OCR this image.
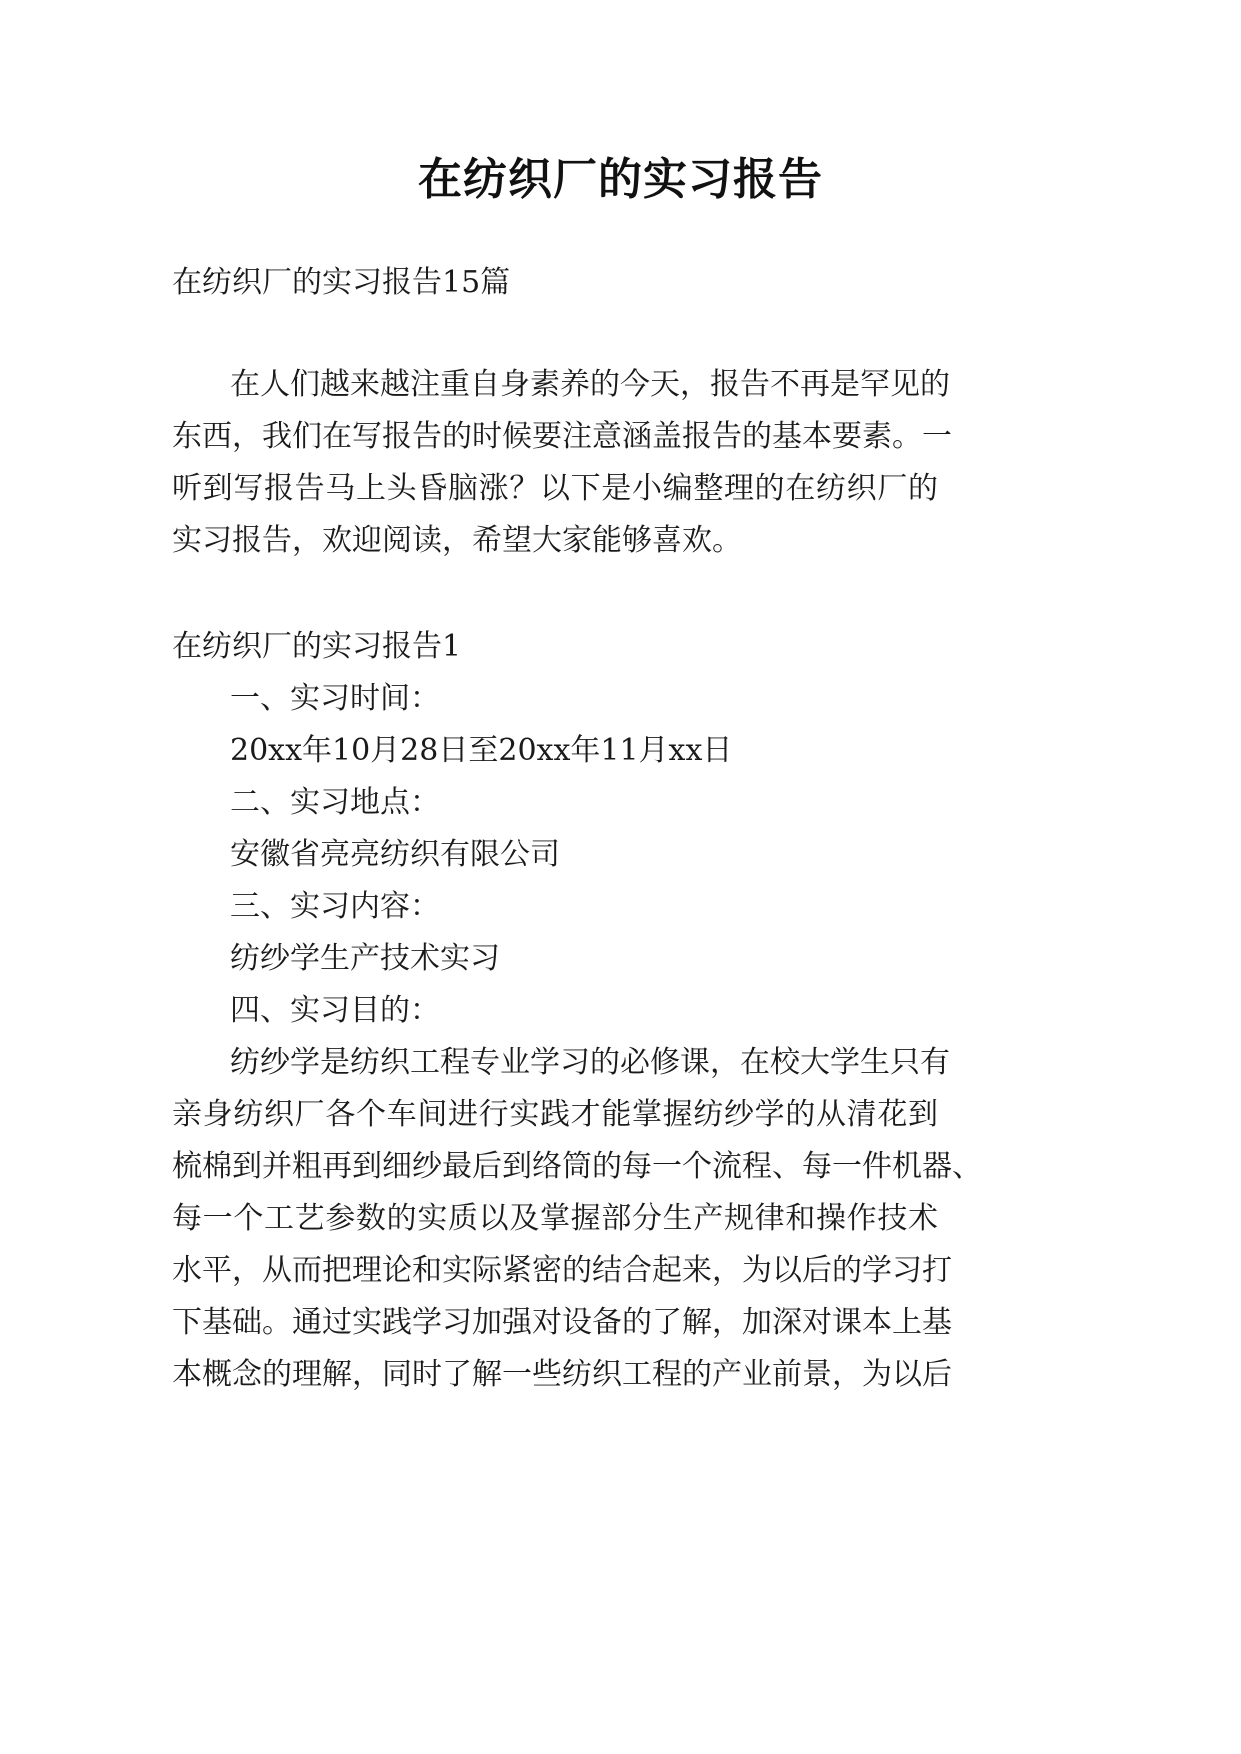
在纺织厂的实习报告
在纺织厂的实习报告15篇
在人们越来越注重自身素养的今天，报告不再是罕见的
东西，我们在写报告的时候要注意涵盖报告的基本要素。一
听到写报告马上头昏脑涨？以下是小编整理的在纺织厂的
实习报告，欢迎阅读，希望大家能够喜欢。
在纺织厂的实习报告1
一、实习时间：
20xx年10月28日至20xx年11月xx日
二、实习地点：
安徽省亮亮纺织有限公司
三、实习内容：
纺纱学生产技术实习
四、实习目的：
纺纱学是纺织工程专业学习的必修课，在校大学生只有
亲身纺织厂各个车间进行实践才能掌握纺纱学的从清花到
梳棉到并粗再到细纱最后到络筒的每一个流程、每一件机器、
每一个工艺参数的实质以及掌握部分生产规律和操作技术
水平，从而把理论和实际紧密的结合起来，为以后的学习打
下基础。通过实践学习加强对设备的了解，加深对课本上基
本概念的理解，同时了解一些纺织工程的产业前景，为以后
